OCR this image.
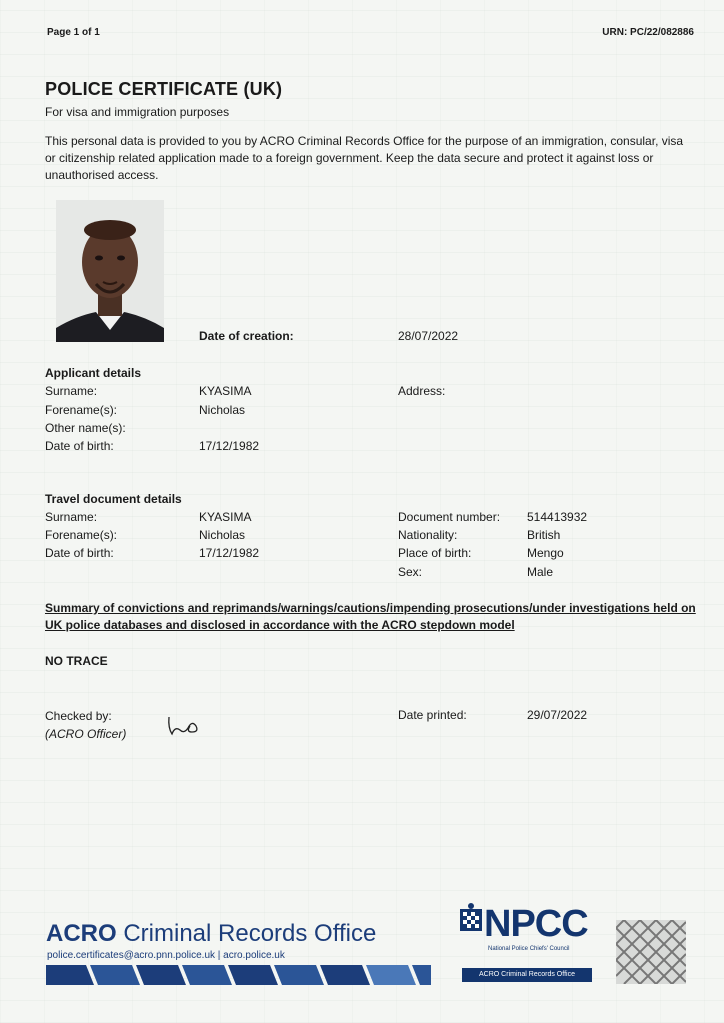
Page 1 of 1	URN: PC/22/082886
POLICE CERTIFICATE (UK)
For visa and immigration purposes
This personal data is provided to you by ACRO Criminal Records Office for the purpose of an immigration, consular, visa or citizenship related application made to a foreign government. Keep the data secure and protect it against loss or unauthorised access.
Date of creation:	28/07/2022
Applicant details
Surname:	KYASIMA	Address:
Forename(s):	Nicholas
Other name(s):
Date of birth:	17/12/1982
Travel document details
Surname:	KYASIMA	Document number: 514413932
Forename(s):	Nicholas	Nationality:	British
Date of birth:	17/12/1982	Place of birth:	Mengo
Sex:	Male
Summary of convictions and reprimands/warnings/cautions/impending prosecutions/under investigations held on UK police databases and disclosed in accordance with the ACRO stepdown model
NO TRACE
Checked by:
(ACRO Officer)
Date printed:	29/07/2022
ACRO Criminal Records Office
police.certificates@acro.pnn.police.uk | acro.police.uk
NPCC
National Police Chiefs' Council
ACRO Criminal Records Office
